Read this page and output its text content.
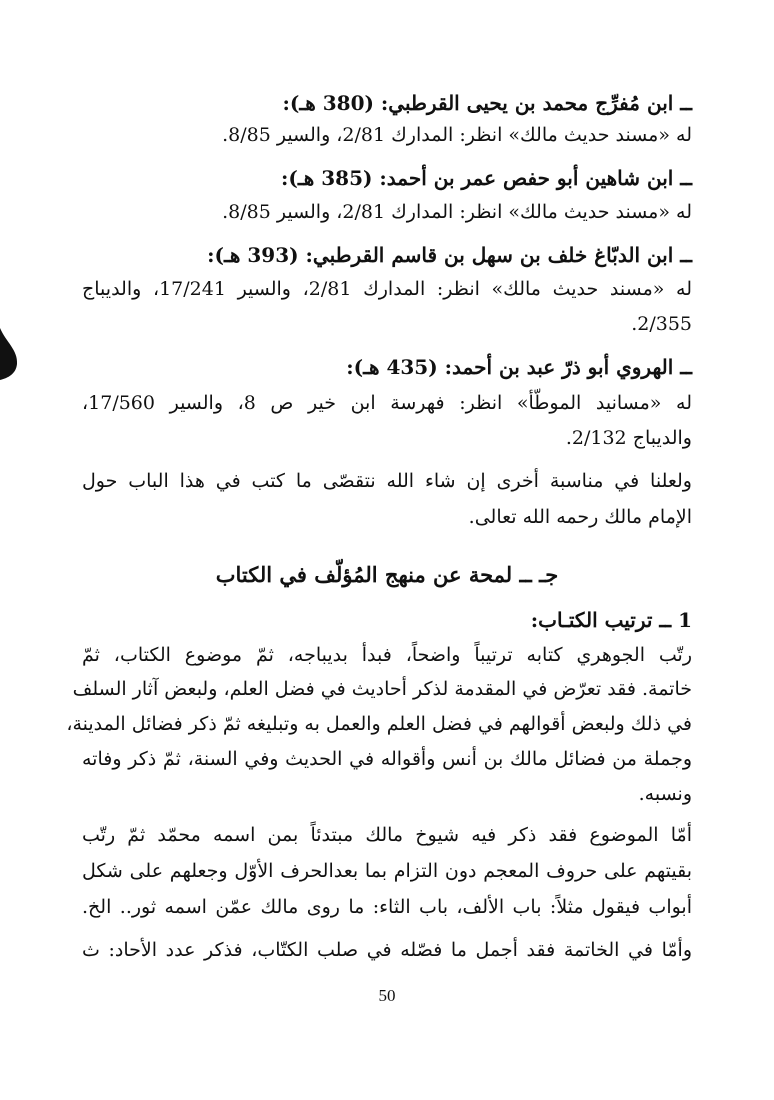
ــ ابن مُفرِّج محمد بن يحيى القرطبي: (380 هـ):
له «مسند حديث مالك» انظر: المدارك 2/81، والسير 8/85.
ــ ابن شاهين أبو حفص عمر بن أحمد: (385 هـ):
له «مسند حديث مالك» انظر: المدارك 2/81، والسير 8/85.
ــ ابن الدبّاغ خلف بن سهل بن قاسم القرطبي: (393 هـ):
له «مسند حديث مالك» انظر: المدارك 2/81، والسير 17/241، والديباج
2/355.
ــ الهروي أبو ذرّ عبد بن أحمد: (435 هـ):
له «مسانيد الموطّأ» انظر: فهرسة ابن خير ص 8، والسير 17/560،
والديباج 2/132.
ولعلنا في مناسبة أخرى إن شاء الله نتقصّى ما كتب في هذا الباب حول
الإمام مالك رحمه الله تعالى.
جـ ــ لمحة عن منهج المُؤلّف في الكتاب
1 ــ ترتيب الكتـاب:
رتّب الجوهري كتابه ترتيباً واضحاً، فبدأ بديباجه، ثمّ موضوع الكتاب، ثمّ
خاتمة. فقد تعرّض في المقدمة لذكر أحاديث في فضل العلم، ولبعض آثار السلف
في ذلك ولبعض أقوالهم في فضل العلم والعمل به وتبليغه ثمّ ذكر فضائل المدينة،
وجملة من فضائل مالك بن أنس وأقواله في الحديث وفي السنة، ثمّ ذكر وفاته
ونسبه.
أمّا الموضوع فقد ذكر فيه شيوخ مالك مبتدئاً بمن اسمه محمّد ثمّ رتّب
بقيتهم على حروف المعجم دون التزام بما بعدالحرف الأوّل وجعلهم على شكل
أبواب فيقول مثلاً: باب الألف، باب الثاء: ما روى مالك عمّن اسمه ثور.. الخ.
وأمّا في الخاتمة فقد أجمل ما فصّله في صلب الكتّاب، فذكر عدد الأحاد: ث
50
